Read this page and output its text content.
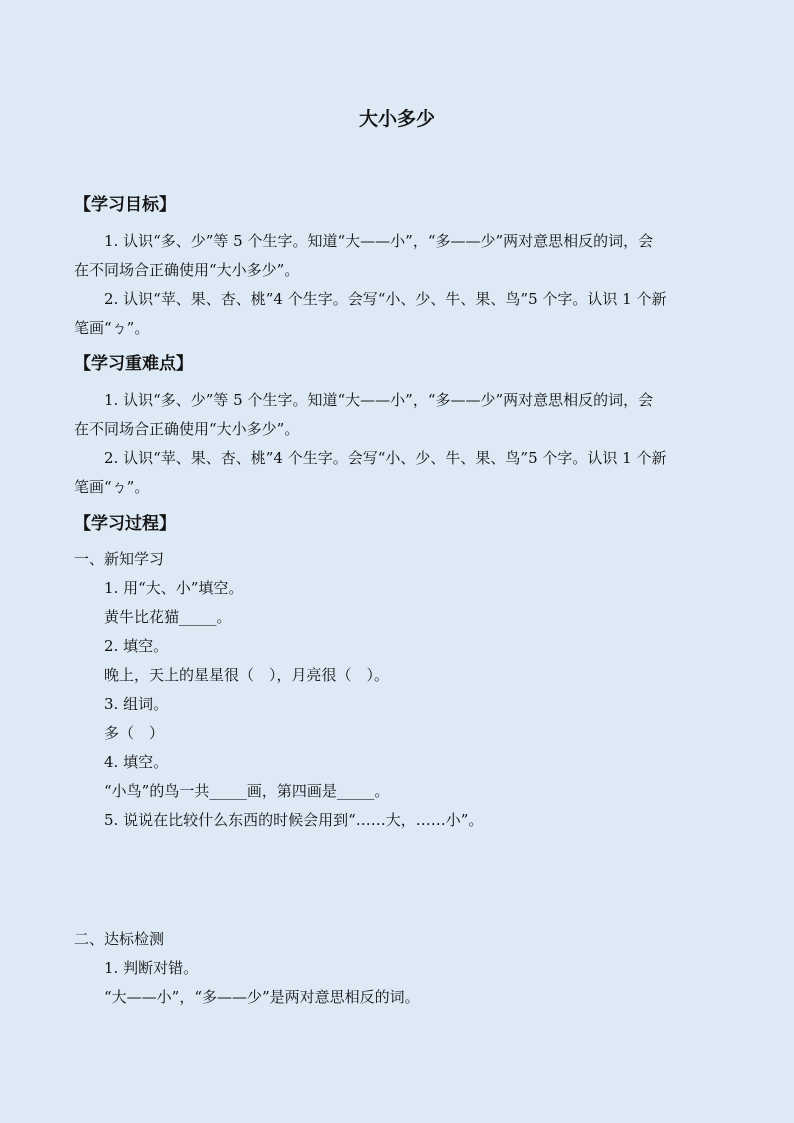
大小多少
【学习目标】
1. 认识“多、少”等 5 个生字。知道“大——小”，“多——少”两对意思相反的词，会
在不同场合正确使用“大小多少”。
2. 认识“苹、果、杏、桃”4 个生字。会写“小、少、牛、果、鸟”5 个字。认识 1 个新
笔画“ㄅ”。
【学习重难点】
1. 认识“多、少”等 5 个生字。知道“大——小”，“多——少”两对意思相反的词，会
在不同场合正确使用“大小多少”。
2. 认识“苹、果、杏、桃”4 个生字。会写“小、少、牛、果、鸟”5 个字。认识 1 个新
笔画“ㄅ”。
【学习过程】
一、新知学习
1. 用“大、小”填空。
黄牛比花猫_____。
2. 填空。
晚上，天上的星星很（　），月亮很（　）。
3. 组词。
多（　）
4. 填空。
“小鸟”的鸟一共_____画，第四画是_____。
5. 说说在比较什么东西的时候会用到“……大，……小”。
二、达标检测
1. 判断对错。
“大——小”，“多——少”是两对意思相反的词。
